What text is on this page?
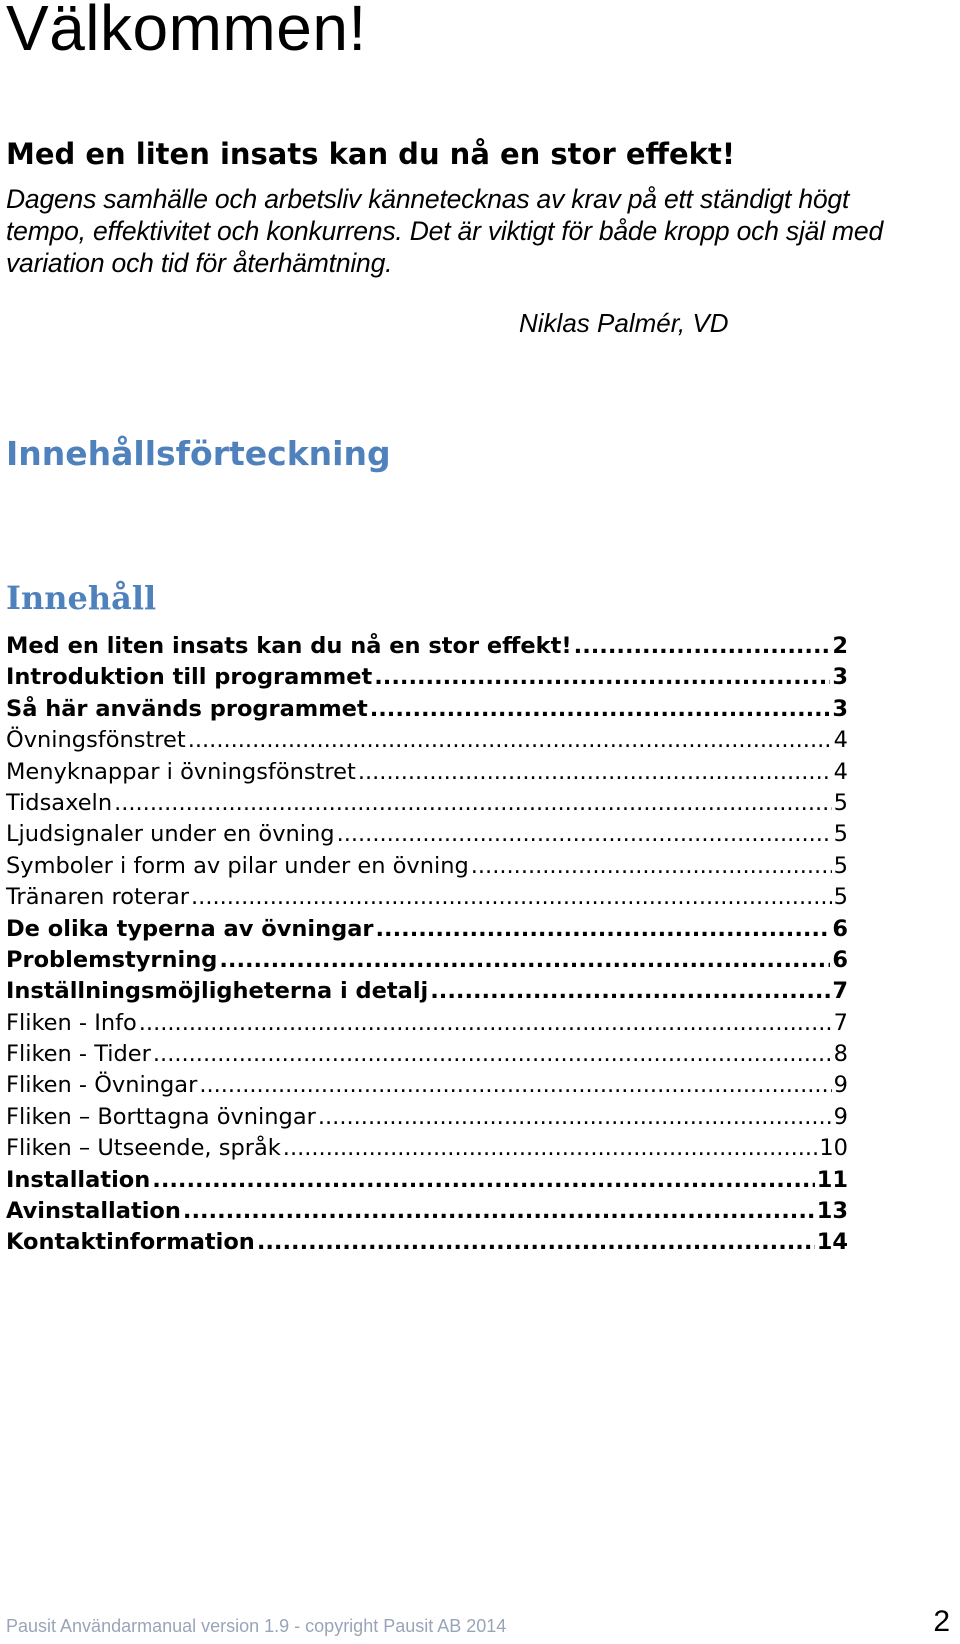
Välkommen!
Med en liten insats kan du nå en stor effekt!

Dagens samhälle och arbetsliv kännetecknas av krav på ett ständigt högt tempo, effektivitet och konkurrens. Det är viktigt för både kropp och själ med variation och tid för återhämtning.

Niklas Palmér, VD

Innehållsförteckning
Innehåll
Med en liten insats kan du nå en stor effekt! .....	2
Introduktion till programmet .....	3
Så här används programmet .....	3
Övningsfönstret .....	4
Menyknappar i övningsfönstret .....	4
Tidsaxeln .....	5
Ljudsignaler under en övning .....	5
Symboler i form av pilar under en övning .....	5
Tränaren roterar .....	5
De olika typerna av övningar .....	6
Problemstyrning .....	6
Inställningsmöjligheterna i detalj .....	7
Fliken - Info .....	7
Fliken - Tider .....	8
Fliken - Övningar .....	9
Fliken – Borttagna övningar .....	9
Fliken – Utseende, språk .....	10
Installation .....	11
Avinstallation .....	13
Kontaktinformation .....	14

Pausit Användarmanual version 1.9 - copyright Pausit AB 2014	2
